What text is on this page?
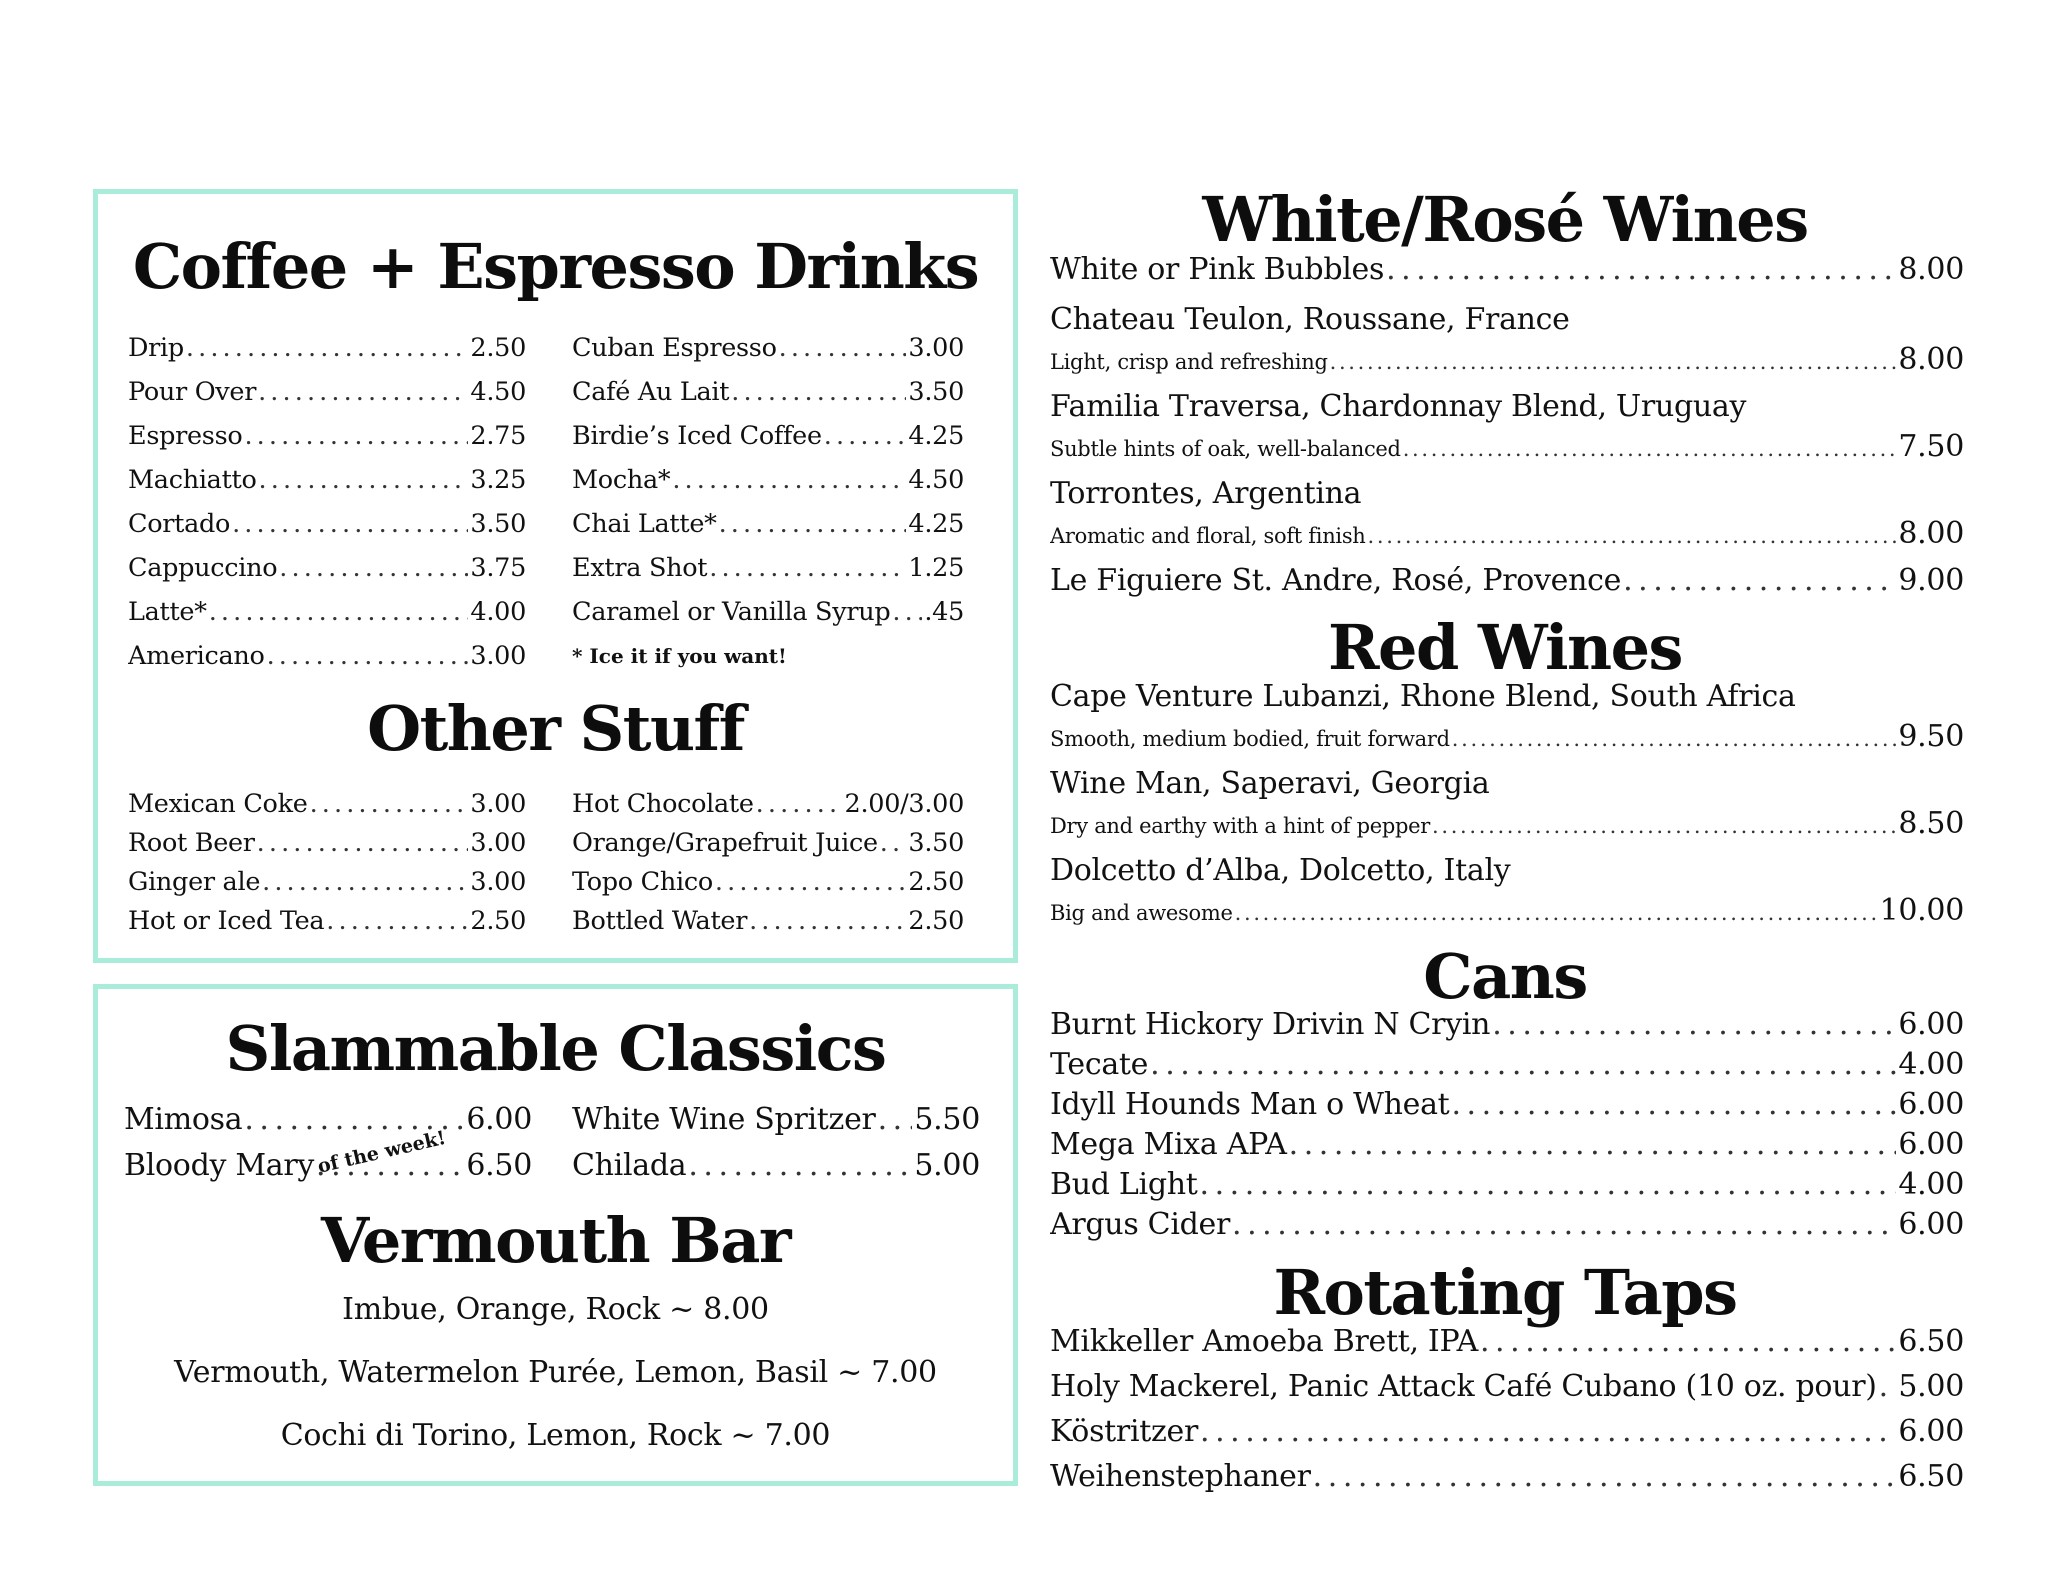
Coffee + Espresso Drinks
Drip . . .	2.50
Pour Over . . .	4.50
Espresso . . .	2.75
Machiatto . . .	3.25
Cortado . . .	3.50
Cappuccino . . .	3.75
Latte* . . .	4.00
Americano . . .	3.00
Cuban Espresso . . .	3.00
Café Au Lait . . .	3.50
Birdie’s Iced Coffee . . .	4.25
Mocha* . . .	4.50
Chai Latte* . . .	4.25
Extra Shot . . .	1.25
Caramel or Vanilla Syrup . . . .45
* Ice it if you want!
Other Stuff
Mexican Coke . . .	3.00
Root Beer . . .	3.00
Ginger ale . . .	3.00
Hot or Iced Tea . . .	2.50
Hot Chocolate . . .	2.00/3.00
Orange/Grapefruit Juice . . . 3.50
Topo Chico . . .	2.50
Bottled Water . . .	2.50
Slammable Classics
Mimosa . . .	6.00
Bloody Mary . . .	6.50
White Wine Spritzer . . . 5.50
Chilada . . .	5.00
of the week!
Vermouth Bar
Imbue, Orange, Rock ~ 8.00
Vermouth, Watermelon Purée, Lemon, Basil ~ 7.00
Cochi di Torino, Lemon, Rock ~ 7.00
White/Rosé Wines
White or Pink Bubbles . . .	8.00
Chateau Teulon, Roussane, France
Light, crisp and refreshing . . .	8.00
Familia Traversa, Chardonnay Blend, Uruguay
Subtle hints of oak, well-balanced . . .	7.50
Torrontes, Argentina
Aromatic and floral, soft finish . . .	8.00
Le Figuiere St. Andre, Rosé, Provence . . .	9.00
Red Wines
Cape Venture Lubanzi, Rhone Blend, South Africa
Smooth, medium bodied, fruit forward . . .	9.50
Wine Man, Saperavi, Georgia
Dry and earthy with a hint of pepper . . .	8.50
Dolcetto d’Alba, Dolcetto, Italy
Big and awesome . . .	10.00
Cans
Burnt Hickory Drivin N Cryin . . .	6.00
Tecate . . .	4.00
Idyll Hounds Man o Wheat . . .	6.00
Mega Mixa APA . . .	6.00
Bud Light . . .	4.00
Argus Cider . . .	6.00
Rotating Taps
Mikkeller Amoeba Brett, IPA . . .	6.50
Holy Mackerel, Panic Attack Café Cubano (10 oz. pour) . . . 5.00
Köstritzer . . .	6.00
Weihenstephaner . . .	6.50
